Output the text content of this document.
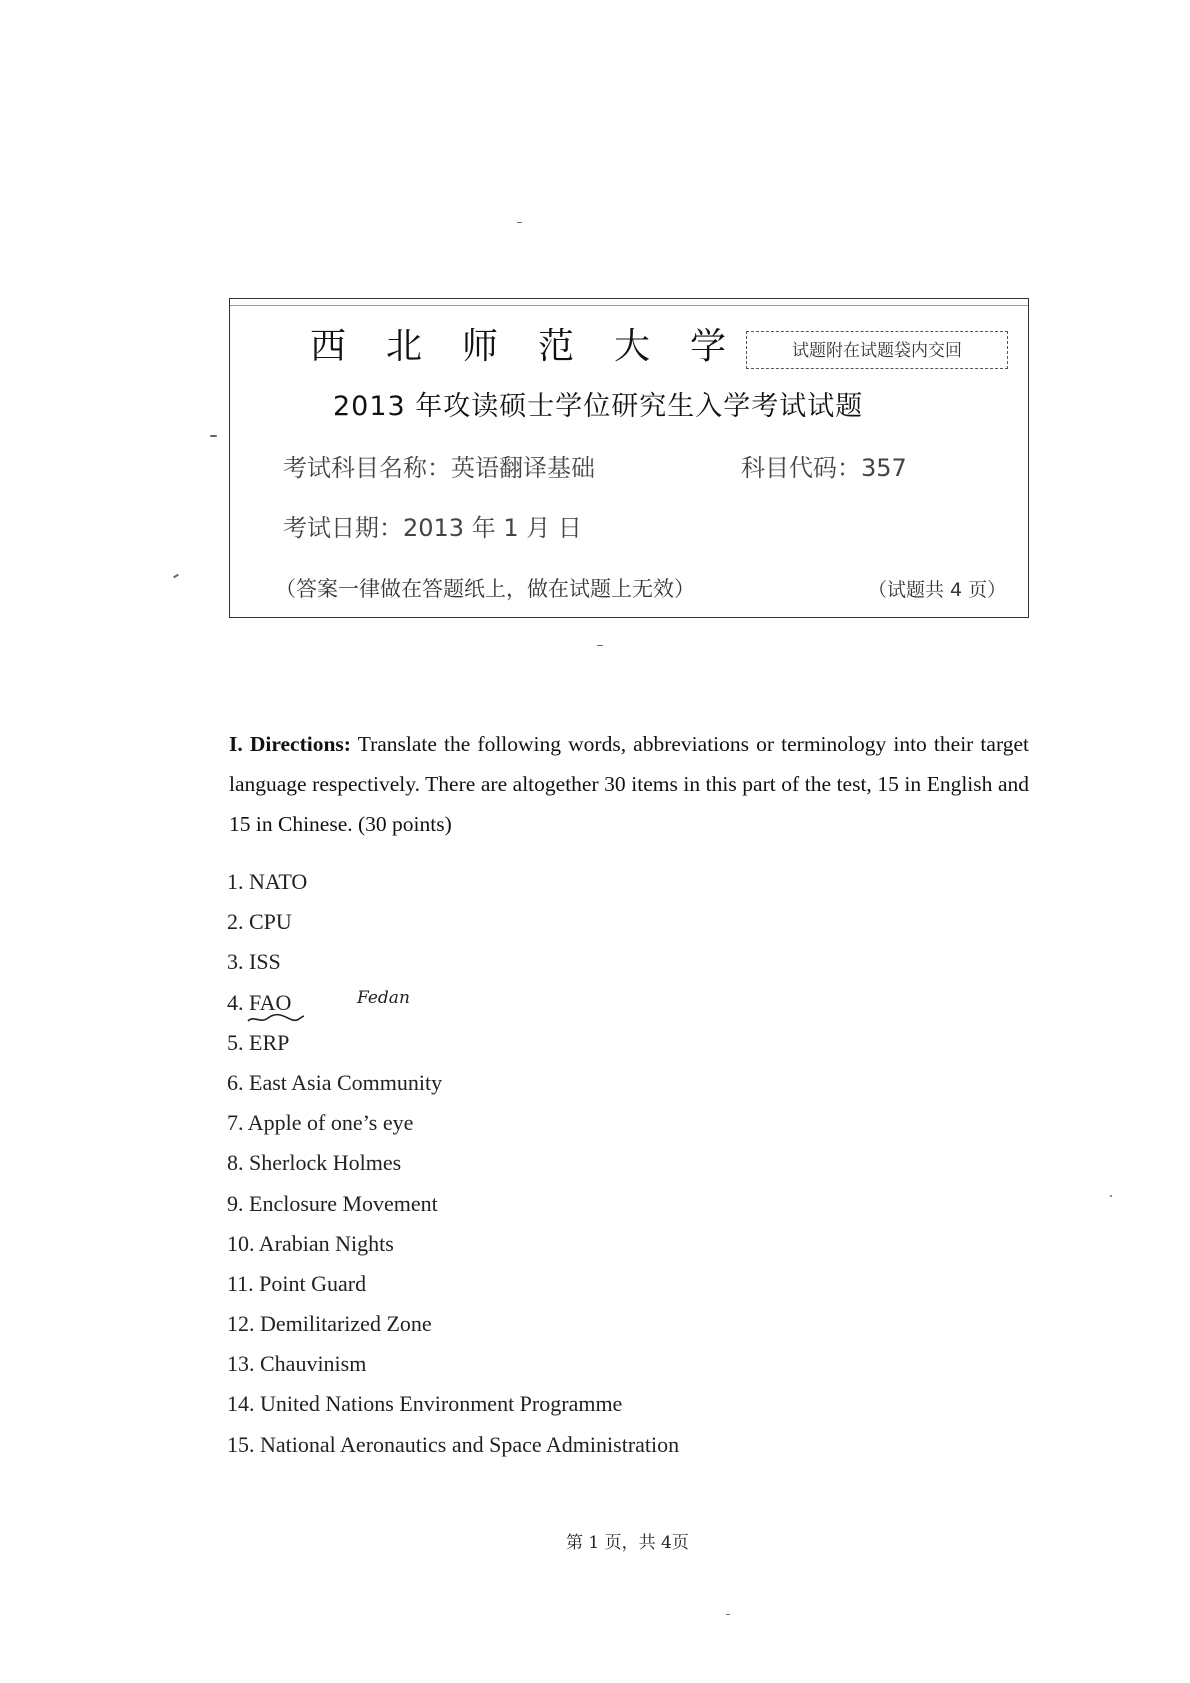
西北师范大学	试题附在试题袋内交回
2013 年攻读硕士学位研究生入学考试试题
考试科目名称：英语翻译基础	科目代码：357
考试日期：2013 年 1 月 日
（答案一律做在答题纸上，做在试题上无效）	（试题共 4 页）
I. Directions: Translate the following words, abbreviations or terminology into their target language respectively. There are altogether 30 items in this part of the test, 15 in English and 15 in Chinese. (30 points)
1. NATO
2. CPU
3. ISS
4. FAO
5. ERP
6. East Asia Community
7. Apple of one’s eye
8. Sherlock Holmes
9. Enclosure Movement
10. Arabian Nights
11. Point Guard
12. Demilitarized Zone
13. Chauvinism
14. United Nations Environment Programme
15. National Aeronautics and Space Administration
Fedan
第 1 页，共 4页
